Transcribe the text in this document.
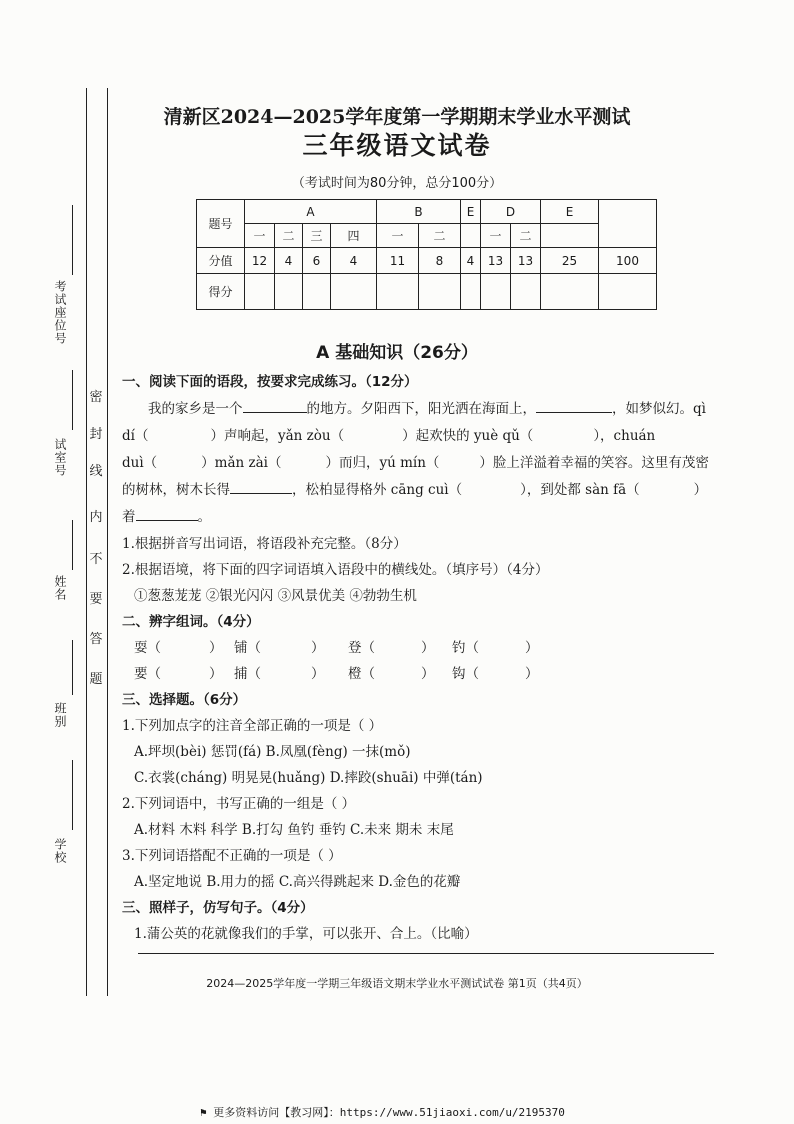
考试座位号
试室号
姓名
班别
学校
密
封
线
内
不
要
答
题
清新区2024—2025学年度第一学期期末学业水平测试
三年级语文试卷
（考试时间为80分钟，总分100分）
题号	A				B		E	D		E	
	一	二	三	四	一	二		一	二		
分值	12	4	6	4	11	8	4	13	13	25	100
得分											
A 基础知识（26分）
一、阅读下面的语段，按要求完成练习。（12分）
我的家乡是一个	的地方。夕阳西下，阳光洒在海面上，	，如梦似幻。qì
dí（	）声响起，yǎn zòu（	）起欢快的 yuè qǔ（	），chuán
duì（	）mǎn zài（	）而归，yú mín（	）脸上洋溢着幸福的笑容。这里有茂密
的树林，树木长得	，松柏显得格外 cāng cuì（	），到处都 sàn fā（	）
着	。
1.根据拼音写出词语，将语段补充完整。（8分）
2.根据语境，将下面的四字词语填入语段中的横线处。（填序号）（4分）
①葱葱茏茏 ②银光闪闪 ③风景优美 ④勃勃生机
二、辨字组词。（4分）
耍（	） 铺（	） 登（	） 钓（	）
要（	） 捕（	） 橙（	） 钩（	）
三、选择题。（6分）
1.下列加点字的注音全部正确的一项是（ ）
A.坪坝(bèi) 惩罚(fá) B.凤凰(fèng) 一抹(mǒ)
C.衣裳(cháng) 明晃晃(huǎng) D.摔跤(shuāi) 中弹(tán)
2.下列词语中，书写正确的一组是（ ）
A.材料 木料 科学 B.打勾 鱼钓 垂钓 C.未来 期未 末尾
3.下列词语搭配不正确的一项是（ ）
A.坚定地说 B.用力的摇 C.高兴得跳起来 D.金色的花瓣
三、照样子，仿写句子。（4分）
1.蒲公英的花就像我们的手掌，可以张开、合上。（比喻）
2024—2025学年度一学期三年级语文期末学业水平测试试卷 第1页（共4页）
⚑ 更多资料访问【教习网】：https://www.51jiaoxi.com/u/2195370
